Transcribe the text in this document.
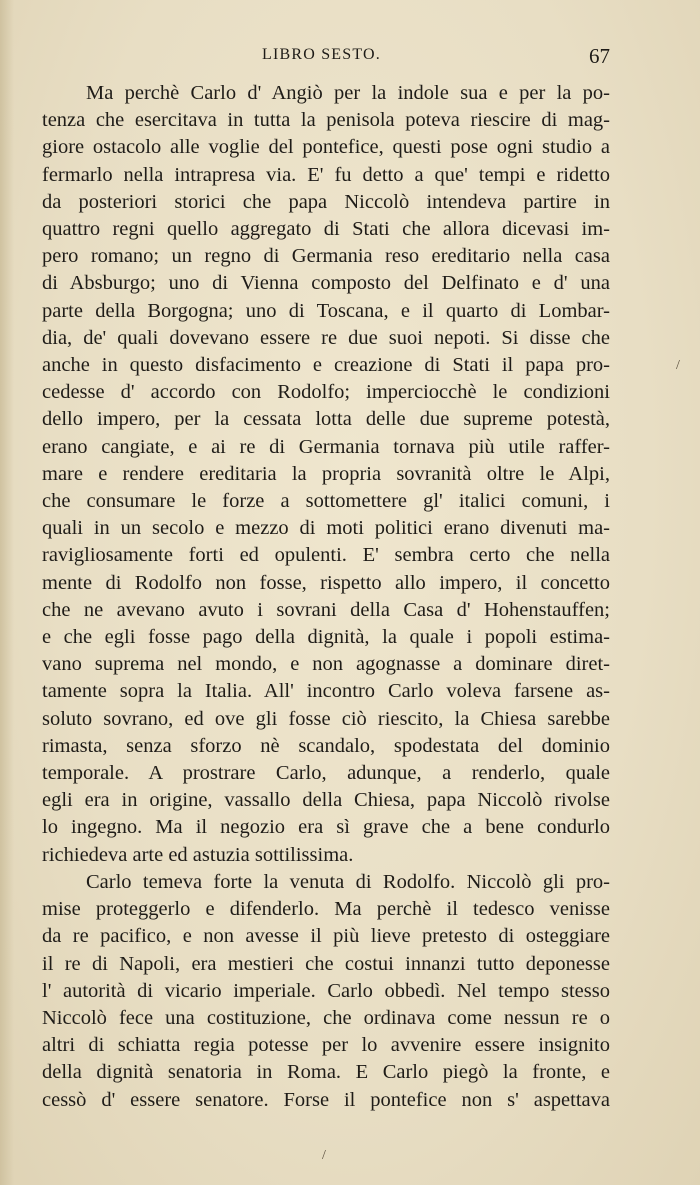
LIBRO SESTO.	67
Ma perchè Carlo d' Angiò per la indole sua e per la po-
tenza che esercitava in tutta la penisola poteva riescire di mag-
giore ostacolo alle voglie del pontefice, questi pose ogni studio a
fermarlo nella intrapresa via. E' fu detto a que' tempi e ridetto
da posteriori storici che papa Niccolò intendeva partire in
quattro regni quello aggregato di Stati che allora dicevasi im-
pero romano; un regno di Germania reso ereditario nella casa
di Absburgo; uno di Vienna composto del Delfinato e d' una
parte della Borgogna; uno di Toscana, e il quarto di Lombar-
dia, de' quali dovevano essere re due suoi nepoti. Si disse che
anche in questo disfacimento e creazione di Stati il papa pro-
cedesse d' accordo con Rodolfo; imperciocchè le condizioni
dello impero, per la cessata lotta delle due supreme potestà,
erano cangiate, e ai re di Germania tornava più utile raffer-
mare e rendere ereditaria la propria sovranità oltre le Alpi,
che consumare le forze a sottomettere gl' italici comuni, i
quali in un secolo e mezzo di moti politici erano divenuti ma-
ravigliosamente forti ed opulenti. E' sembra certo che nella
mente di Rodolfo non fosse, rispetto allo impero, il concetto
che ne avevano avuto i sovrani della Casa d' Hohenstauffen;
e che egli fosse pago della dignità, la quale i popoli estima-
vano suprema nel mondo, e non agognasse a dominare diret-
tamente sopra la Italia. All' incontro Carlo voleva farsene as-
soluto sovrano, ed ove gli fosse ciò riescito, la Chiesa sarebbe
rimasta, senza sforzo nè scandalo, spodestata del dominio
temporale. A prostrare Carlo, adunque, a renderlo, quale
egli era in origine, vassallo della Chiesa, papa Niccolò rivolse
lo ingegno. Ma il negozio era sì grave che a bene condurlo
richiedeva arte ed astuzia sottilissima.
Carlo temeva forte la venuta di Rodolfo. Niccolò gli pro-
mise proteggerlo e difenderlo. Ma perchè il tedesco venisse
da re pacifico, e non avesse il più lieve pretesto di osteggiare
il re di Napoli, era mestieri che costui innanzi tutto deponesse
l' autorità di vicario imperiale. Carlo obbedì. Nel tempo stesso
Niccolò fece una costituzione, che ordinava come nessun re o
altri di schiatta regia potesse per lo avvenire essere insignito
della dignità senatoria in Roma. E Carlo piegò la fronte, e
cessò d' essere senatore. Forse il pontefice non s' aspettava
/
/
